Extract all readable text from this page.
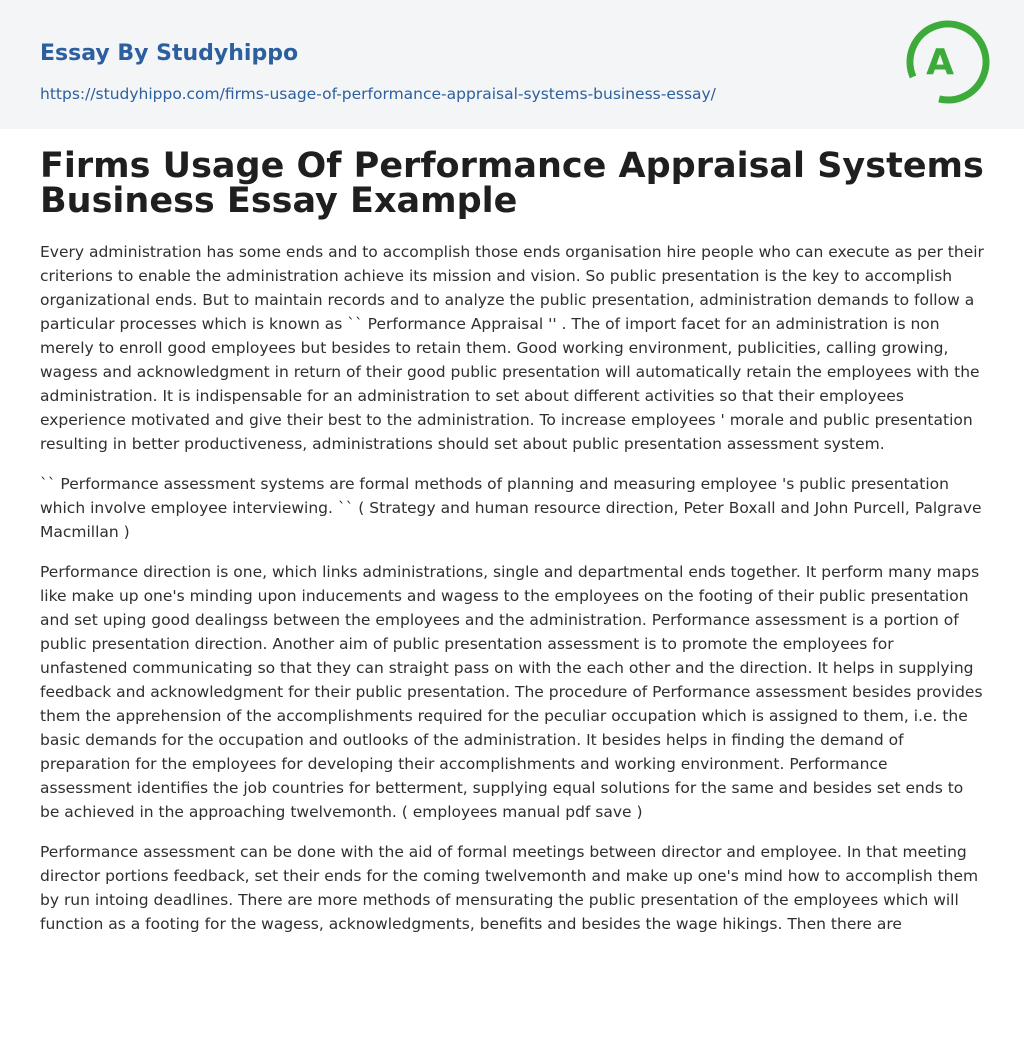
Essay By Studyhippo
https://studyhippo.com/firms-usage-of-performance-appraisal-systems-business-essay/
A
Firms Usage Of Performance Appraisal Systems Business Essay Example

Every administration has some ends and to accomplish those ends organisation hire people who can execute as per their criterions to enable the administration achieve its mission and vision. So public presentation is the key to accomplish organizational ends. But to maintain records and to analyze the public presentation, administration demands to follow a particular processes which is known as `` Performance Appraisal '' . The of import facet for an administration is non merely to enroll good employees but besides to retain them. Good working environment, publicities, calling growing, wagess and acknowledgment in return of their good public presentation will automatically retain the employees with the administration. It is indispensable for an administration to set about different activities so that their employees experience motivated and give their best to the administration. To increase employees ' morale and public presentation resulting in better productiveness, administrations should set about public presentation assessment system.

`` Performance assessment systems are formal methods of planning and measuring employee 's public presentation which involve employee interviewing. `` ( Strategy and human resource direction, Peter Boxall and John Purcell, Palgrave Macmillan )

Performance direction is one, which links administrations, single and departmental ends together. It perform many maps like make up one's minding upon inducements and wagess to the employees on the footing of their public presentation and set uping good dealingss between the employees and the administration. Performance assessment is a portion of public presentation direction. Another aim of public presentation assessment is to promote the employees for unfastened communicating so that they can straight pass on with the each other and the direction. It helps in supplying feedback and acknowledgment for their public presentation. The procedure of Performance assessment besides provides them the apprehension of the accomplishments required for the peculiar occupation which is assigned to them, i.e. the basic demands for the occupation and outlooks of the administration. It besides helps in finding the demand of preparation for the employees for developing their accomplishments and working environment. Performance assessment identifies the job countries for betterment, supplying equal solutions for the same and besides set ends to be achieved in the approaching twelvemonth. ( employees manual pdf save )

Performance assessment can be done with the aid of formal meetings between director and employee. In that meeting director portions feedback, set their ends for the coming twelvemonth and make up one's mind how to accomplish them by run intoing deadlines. There are more methods of mensurating the public presentation of the employees which will function as a footing for the wagess, acknowledgments, benefits and besides the wage hikings. Then there are
